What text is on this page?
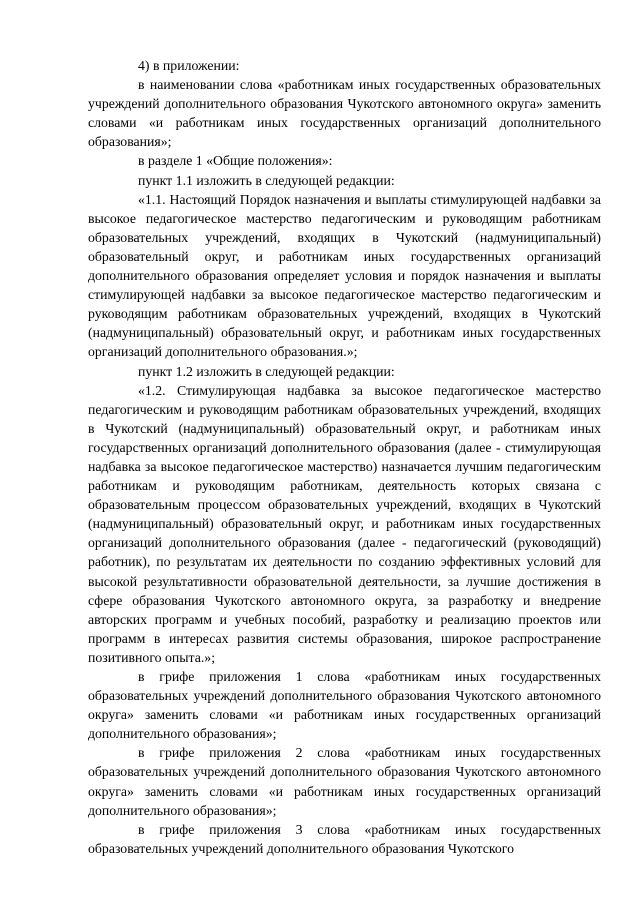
4) в приложении:

в наименовании слова «работникам иных государственных образовательных учреждений дополнительного образования Чукотского автономного округа» заменить словами «и работникам иных государственных организаций дополнительного образования»;

в разделе 1 «Общие положения»:

пункт 1.1 изложить в следующей редакции:

«1.1. Настоящий Порядок назначения и выплаты стимулирующей надбавки за высокое педагогическое мастерство педагогическим и руководящим работникам образовательных учреждений, входящих в Чукотский (надмуниципальный) образовательный округ, и работникам иных государственных организаций дополнительного образования определяет условия и порядок назначения и выплаты стимулирующей надбавки за высокое педагогическое мастерство педагогическим и руководящим работникам образовательных учреждений, входящих в Чукотский (надмуниципальный) образовательный округ, и работникам иных государственных организаций дополнительного образования.»;

пункт 1.2 изложить в следующей редакции:

«1.2. Стимулирующая надбавка за высокое педагогическое мастерство педагогическим и руководящим работникам образовательных учреждений, входящих в Чукотский (надмуниципальный) образовательный округ, и работникам иных государственных организаций дополнительного образования (далее - стимулирующая надбавка за высокое педагогическое мастерство) назначается лучшим педагогическим работникам и руководящим работникам, деятельность которых связана с образовательным процессом образовательных учреждений, входящих в Чукотский (надмуниципальный) образовательный округ, и работникам иных государственных организаций дополнительного образования (далее - педагогический (руководящий) работник), по результатам их деятельности по созданию эффективных условий для высокой результативности образовательной деятельности, за лучшие достижения в сфере образования Чукотского автономного округа, за разработку и внедрение авторских программ и учебных пособий, разработку и реализацию проектов или программ в интересах развития системы образования, широкое распространение позитивного опыта.»;

в грифе приложения 1 слова «работникам иных государственных образовательных учреждений дополнительного образования Чукотского автономного округа» заменить словами «и работникам иных государственных организаций дополнительного образования»;

в грифе приложения 2 слова «работникам иных государственных образовательных учреждений дополнительного образования Чукотского автономного округа» заменить словами «и работникам иных государственных организаций дополнительного образования»;

в грифе приложения 3 слова «работникам иных государственных образовательных учреждений дополнительного образования Чукотского
